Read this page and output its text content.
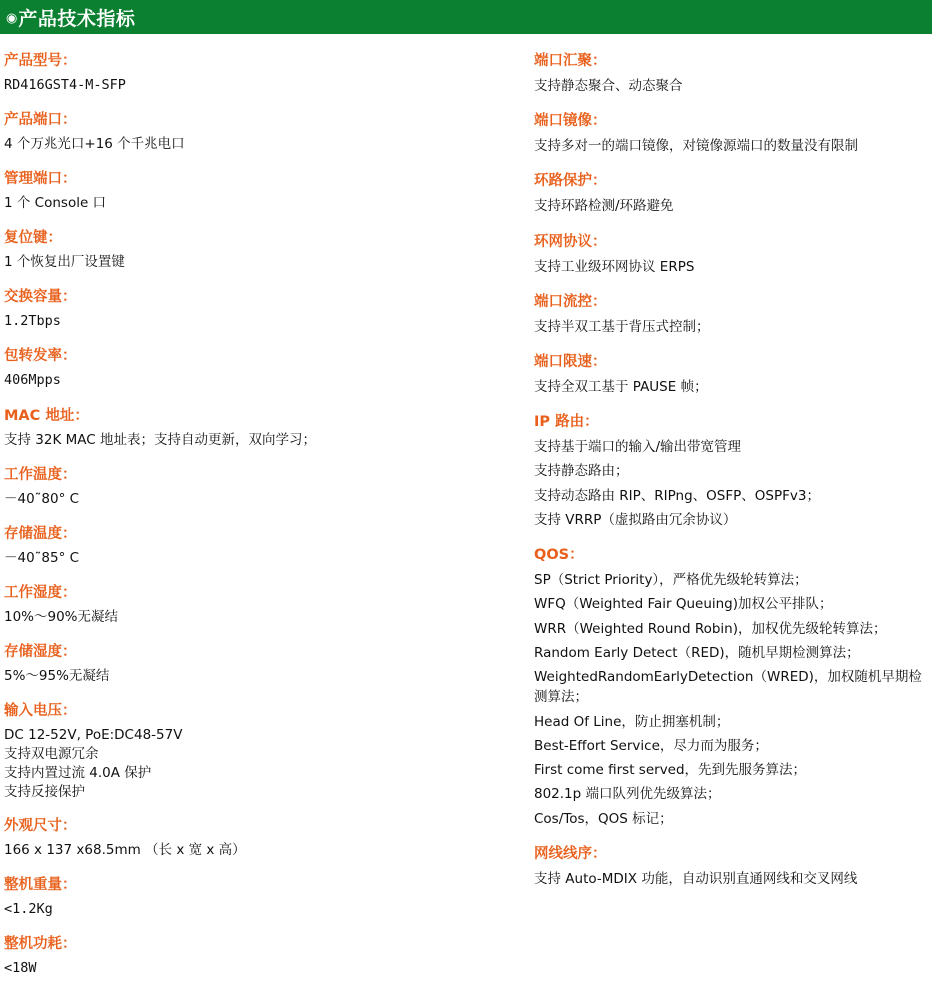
◉ 产品技术指标
产品型号：
RD416GST4-M-SFP
产品端口：
4 个万兆光口+16 个千兆电口
管理端口：
1 个 Console 口
复位键：
1 个恢复出厂设置键
交换容量：
1.2Tbps
包转发率：
406Mpps
MAC 地址：
支持 32K MAC 地址表；支持自动更新，双向学习；
工作温度：
－40˜80° C
存储温度：
－40˜85° C
工作湿度：
10%～90%无凝结
存储湿度：
5%～95%无凝结
输入电压：
DC 12-52V, PoE:DC48-57V
支持双电源冗余
支持内置过流 4.0A 保护
支持反接保护
外观尺寸：
166 x 137 x68.5mm （长 x 宽 x 高）
整机重量：
<1.2Kg
整机功耗：
<18W
端口汇聚：
支持静态聚合、动态聚合
端口镜像：
支持多对一的端口镜像，对镜像源端口的数量没有限制
环路保护：
支持环路检测/环路避免
环网协议：
支持工业级环网协议 ERPS
端口流控：
支持半双工基于背压式控制；
端口限速：
支持全双工基于 PAUSE 帧；
IP 路由：
支持基于端口的输入/输出带宽管理
支持静态路由；
支持动态路由 RIP、RIPng、OSFP、OSPFv3；
支持 VRRP（虚拟路由冗余协议）
QOS：
SP（Strict Priority），严格优先级轮转算法；
WFQ（Weighted Fair Queuing)加权公平排队；
WRR（Weighted Round Robin)，加权优先级轮转算法；
Random Early Detect（RED)，随机早期检测算法；
WeightedRandomEarlyDetection（WRED)，加权随机早期检测算法；
Head Of Line，防止拥塞机制；
Best-Effort Service，尽力而为服务；
First come first served，先到先服务算法；
802.1p 端口队列优先级算法；
Cos/Tos，QOS 标记；
网线线序：
支持 Auto-MDIX 功能，自动识别直通网线和交叉网线
